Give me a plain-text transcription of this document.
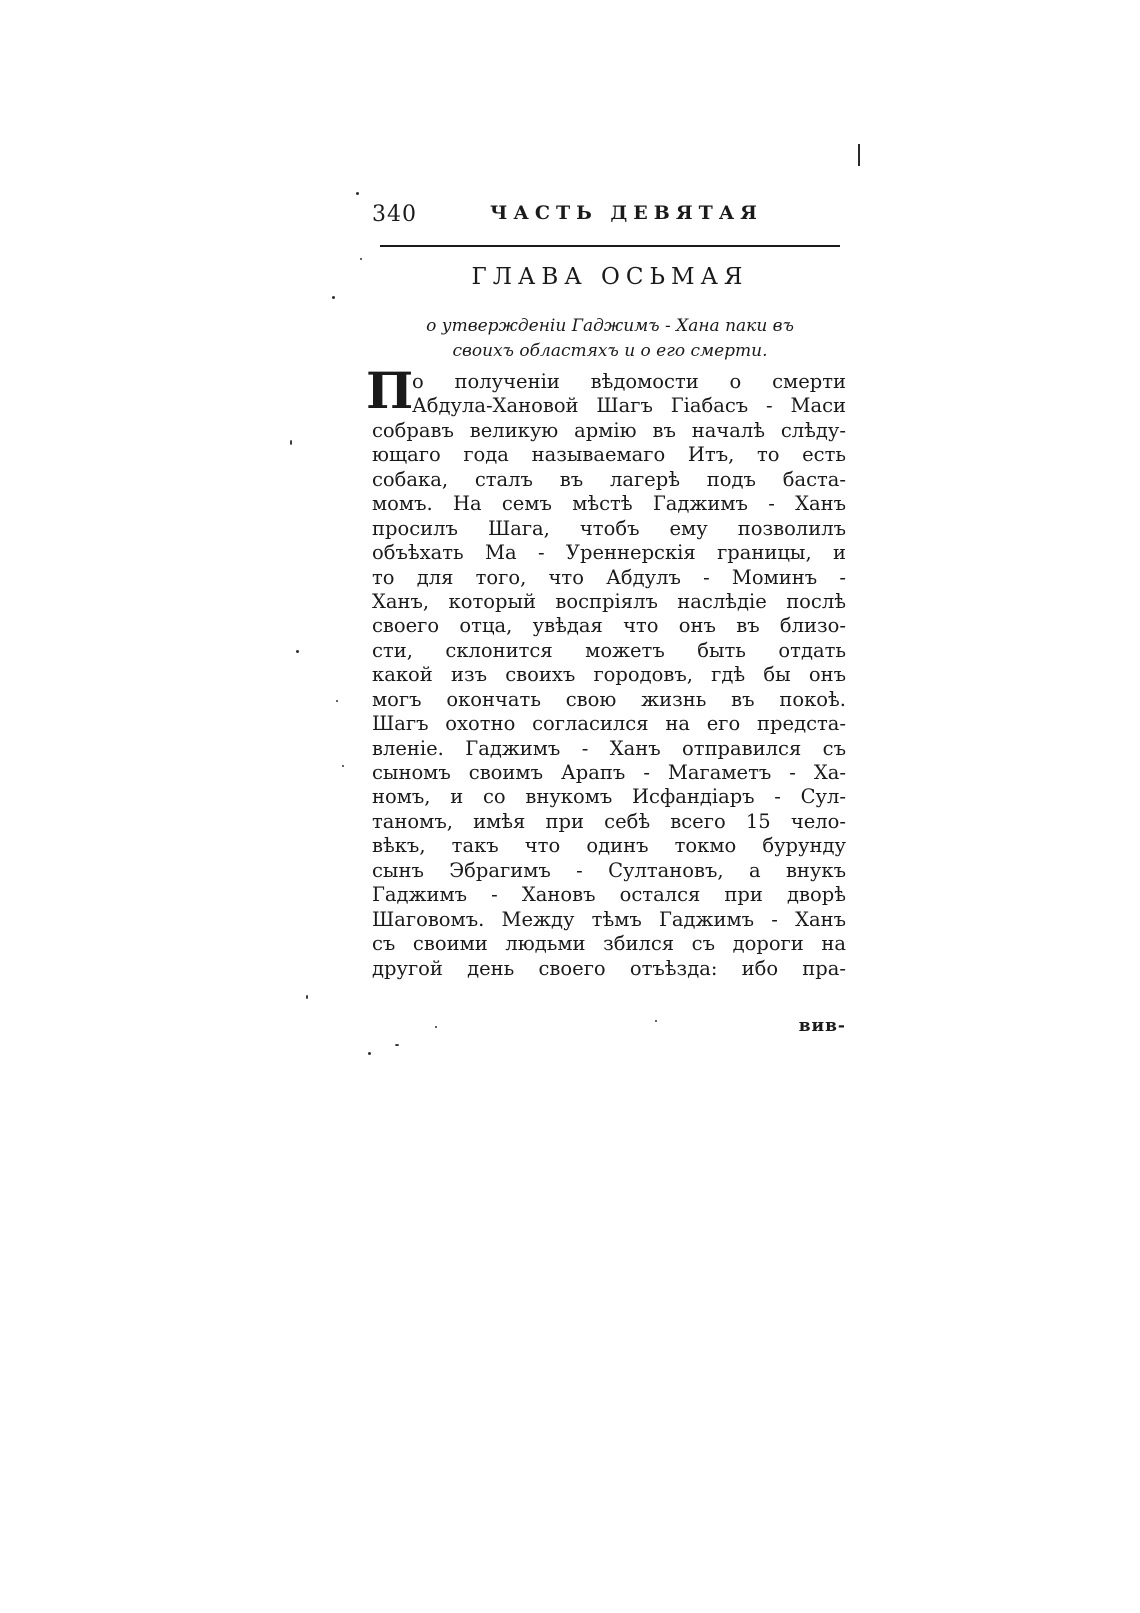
340	ЧАСТЬ ДЕВЯТАЯ
ГЛАВА ОСЬМАЯ
о утвержденіи Гаджимъ - Хана паки въ
своихъ областяхъ и о его смерти.
П
о полученіи вѣдомости о смерти
Абдула-Хановой Шагъ Гіабасъ - Маси
собравъ великую армію въ началѣ слѣду-
ющаго года называемаго Итъ, то есть
собака, сталъ въ лагерѣ подъ баста-
момъ. На семъ мѣстѣ Гаджимъ - Ханъ
просилъ Шага, чтобъ ему позволилъ
объѣхать Ма - Уреннерскія границы, и
то для того, что Абдулъ - Моминъ -
Ханъ, который воспріялъ наслѣдіе послѣ
своего отца, увѣдая что онъ въ близо-
сти, склонится можетъ быть отдать
какой изъ своихъ городовъ, гдѣ бы онъ
могъ окончать свою жизнь въ покоѣ.
Шагъ охотно согласился на его предста-
вленіе. Гаджимъ - Ханъ отправился съ
сыномъ своимъ Арапъ - Магаметъ - Ха-
номъ, и со внукомъ Исфандіаръ - Сул-
таномъ, имѣя при себѣ всего 15 чело-
вѣкъ, такъ что одинъ токмо бурунду
сынъ Эбрагимъ - Султановъ, а внукъ
Гаджимъ - Хановъ остался при дворѣ
Шаговомъ. Между тѣмъ Гаджимъ - Ханъ
съ своими людьми збился съ дороги на
другой день своего отъѣзда: ибо пра-
вив-
